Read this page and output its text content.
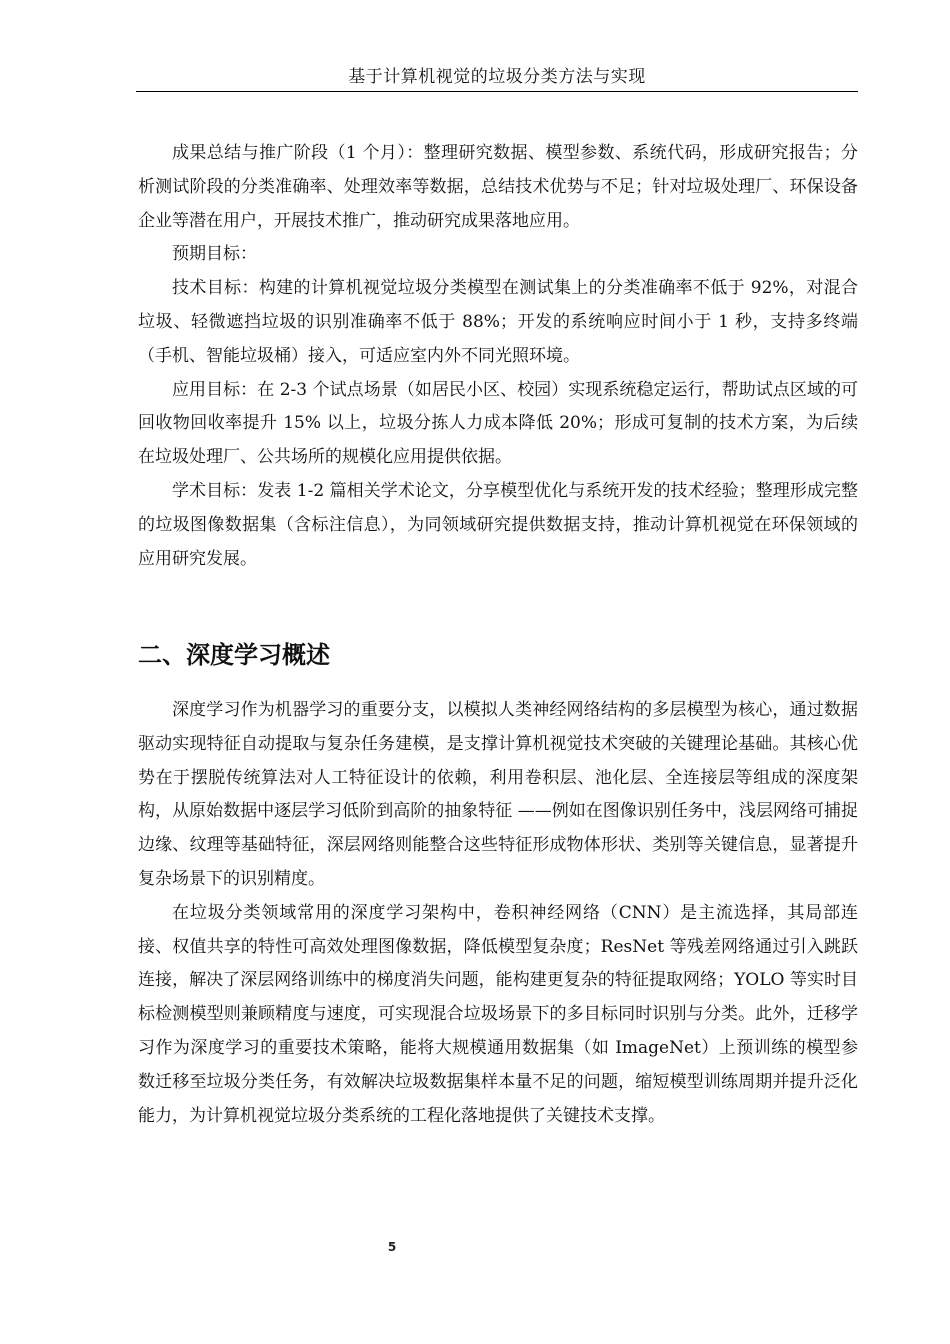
基于计算机视觉的垃圾分类方法与实现

成果总结与推广阶段（1 个月）：整理研究数据、模型参数、系统代码，形成研究报告；分析测试阶段的分类准确率、处理效率等数据，总结技术优势与不足；针对垃圾处理厂、环保设备企业等潜在用户，开展技术推广，推动研究成果落地应用。

预期目标：

技术目标：构建的计算机视觉垃圾分类模型在测试集上的分类准确率不低于 92%，对混合垃圾、轻微遮挡垃圾的识别准确率不低于 88%；开发的系统响应时间小于 1 秒，支持多终端（手机、智能垃圾桶）接入，可适应室内外不同光照环境。

应用目标：在 2-3 个试点场景（如居民小区、校园）实现系统稳定运行，帮助试点区域的可回收物回收率提升 15% 以上，垃圾分拣人力成本降低 20%；形成可复制的技术方案，为后续在垃圾处理厂、公共场所的规模化应用提供依据。

学术目标：发表 1-2 篇相关学术论文，分享模型优化与系统开发的技术经验；整理形成完整的垃圾图像数据集（含标注信息），为同领域研究提供数据支持，推动计算机视觉在环保领域的应用研究发展。

二、深度学习概述

深度学习作为机器学习的重要分支，以模拟人类神经网络结构的多层模型为核心，通过数据驱动实现特征自动提取与复杂任务建模，是支撑计算机视觉技术突破的关键理论基础。其核心优势在于摆脱传统算法对人工特征设计的依赖，利用卷积层、池化层、全连接层等组成的深度架构，从原始数据中逐层学习低阶到高阶的抽象特征 ——例如在图像识别任务中，浅层网络可捕捉边缘、纹理等基础特征，深层网络则能整合这些特征形成物体形状、类别等关键信息，显著提升复杂场景下的识别精度。

在垃圾分类领域常用的深度学习架构中，卷积神经网络（CNN）是主流选择，其局部连接、权值共享的特性可高效处理图像数据，降低模型复杂度；ResNet 等残差网络通过引入跳跃连接，解决了深层网络训练中的梯度消失问题，能构建更复杂的特征提取网络；YOLO 等实时目标检测模型则兼顾精度与速度，可实现混合垃圾场景下的多目标同时识别与分类。此外，迁移学习作为深度学习的重要技术策略，能将大规模通用数据集（如 ImageNet）上预训练的模型参数迁移至垃圾分类任务，有效解决垃圾数据集样本量不足的问题，缩短模型训练周期并提升泛化能力，为计算机视觉垃圾分类系统的工程化落地提供了关键技术支撑。

5
